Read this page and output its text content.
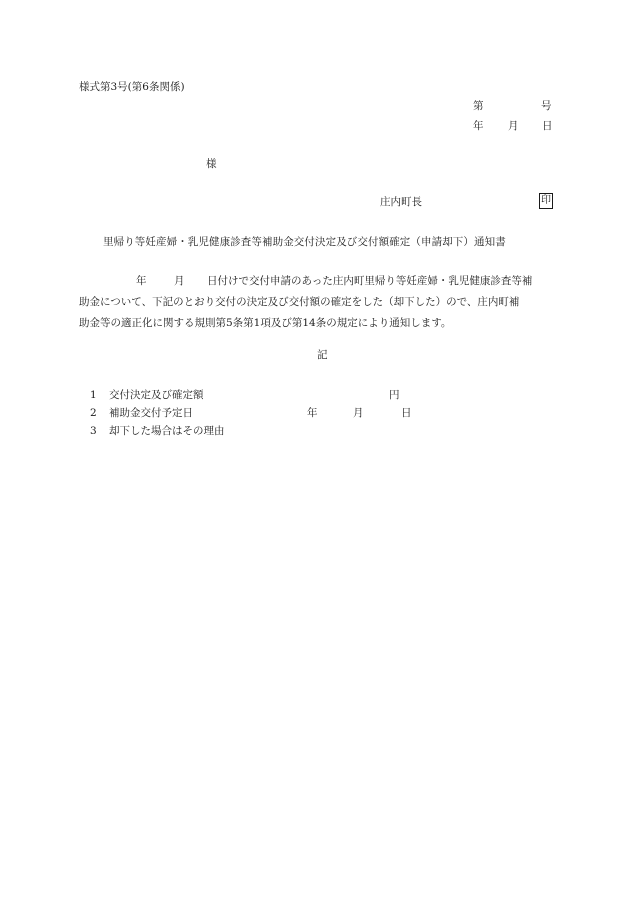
様式第3号(第6条関係)
第	号
年 月 日
様
庄内町長	印
里帰り等妊産婦・乳児健康診査等補助金交付決定及び交付額確定（申請却下）通知書
年	月 日付けで交付申請のあった庄内町里帰り等妊産婦・乳児健康診査等補
助金について、下記のとおり交付の決定及び交付額の確定をした（却下した）ので、庄内町補
助金等の適正化に関する規則第5条第1項及び第14条の規定により通知します。
記
1 交付決定及び確定額	円
2 補助金交付予定日	年	月	日
3 却下した場合はその理由
